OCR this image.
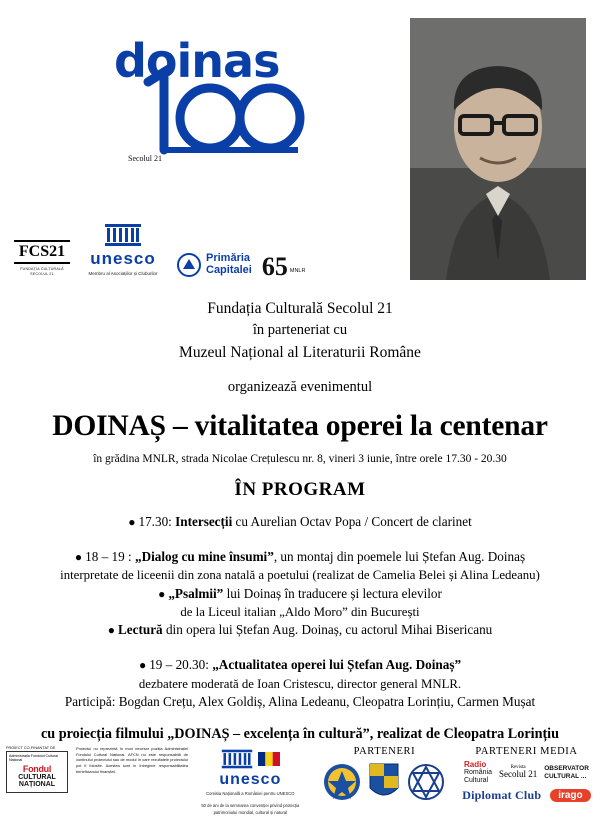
doinas
Secolul 21
FCS21
FUNDAȚIA CULTURALĂ SECOLUL 21
unesco
Membru al Asociațiilor și Cluburilor
Primăria
Capitalei 65 MNLR
Fundația Culturală Secolul 21
în parteneriat cu
Muzeul Național al Literaturii Române
organizează evenimentul
DOINAȘ – vitalitatea operei la centenar
în grădina MNLR, strada Nicolae Crețulescu nr. 8, vineri 3 iunie, între orele 17.30 - 20.30
ÎN PROGRAM
● 17.30: Intersecții cu Aurelian Octav Popa / Concert de clarinet
● 18 – 19 : „Dialog cu mine însumi”, un montaj din poemele lui Ștefan Aug. Doinaș
interpretate de liceenii din zona natală a poetului (realizat de Camelia Belei și Alina Ledeanu)
● „Psalmii” lui Doinaș în traducere și lectura elevilor
de la Liceul italian „Aldo Moro” din București
● Lectură din opera lui Ștefan Aug. Doinaș, cu actorul Mihai Bisericanu
● 19 – 20.30: „Actualitatea operei lui Ștefan Aug. Doinaș”
dezbatere moderată de Ioan Cristescu, director general MNLR.
Participă: Bogdan Crețu, Alex Goldiș, Alina Ledeanu, Cleopatra Lorințiu, Carmen Mușat
cu proiecția filmului „DOINAȘ – excelența în cultură”, realizat de Cleopatra Lorințiu
PROIECT CO-FINANȚAT DE
Administrația Fondului Cultural Național
Fondul
CULTURAL
NAȚIONAL
Proiectul nu reprezintă în mod necesar poziția Administrației Fondului Cultural Național. AFCN nu este responsabilă de conținutul proiectului sau de modul în care rezultatele proiectului pot fi folosite. Acestea sunt în întregime responsabilitatea beneficiarului finanțării.	unesco
Comisia Națională a României pentru UNESCO
50 de ani de la semnarea convenției privind protecția patrimoniului mondial, cultural și natural
PARTENERI	PARTENERI MEDIA
Radio
România
Cultural
Revista
Secolul 21
OBSERVATOR
CULTURAL ...
Diplomat Club	irago
